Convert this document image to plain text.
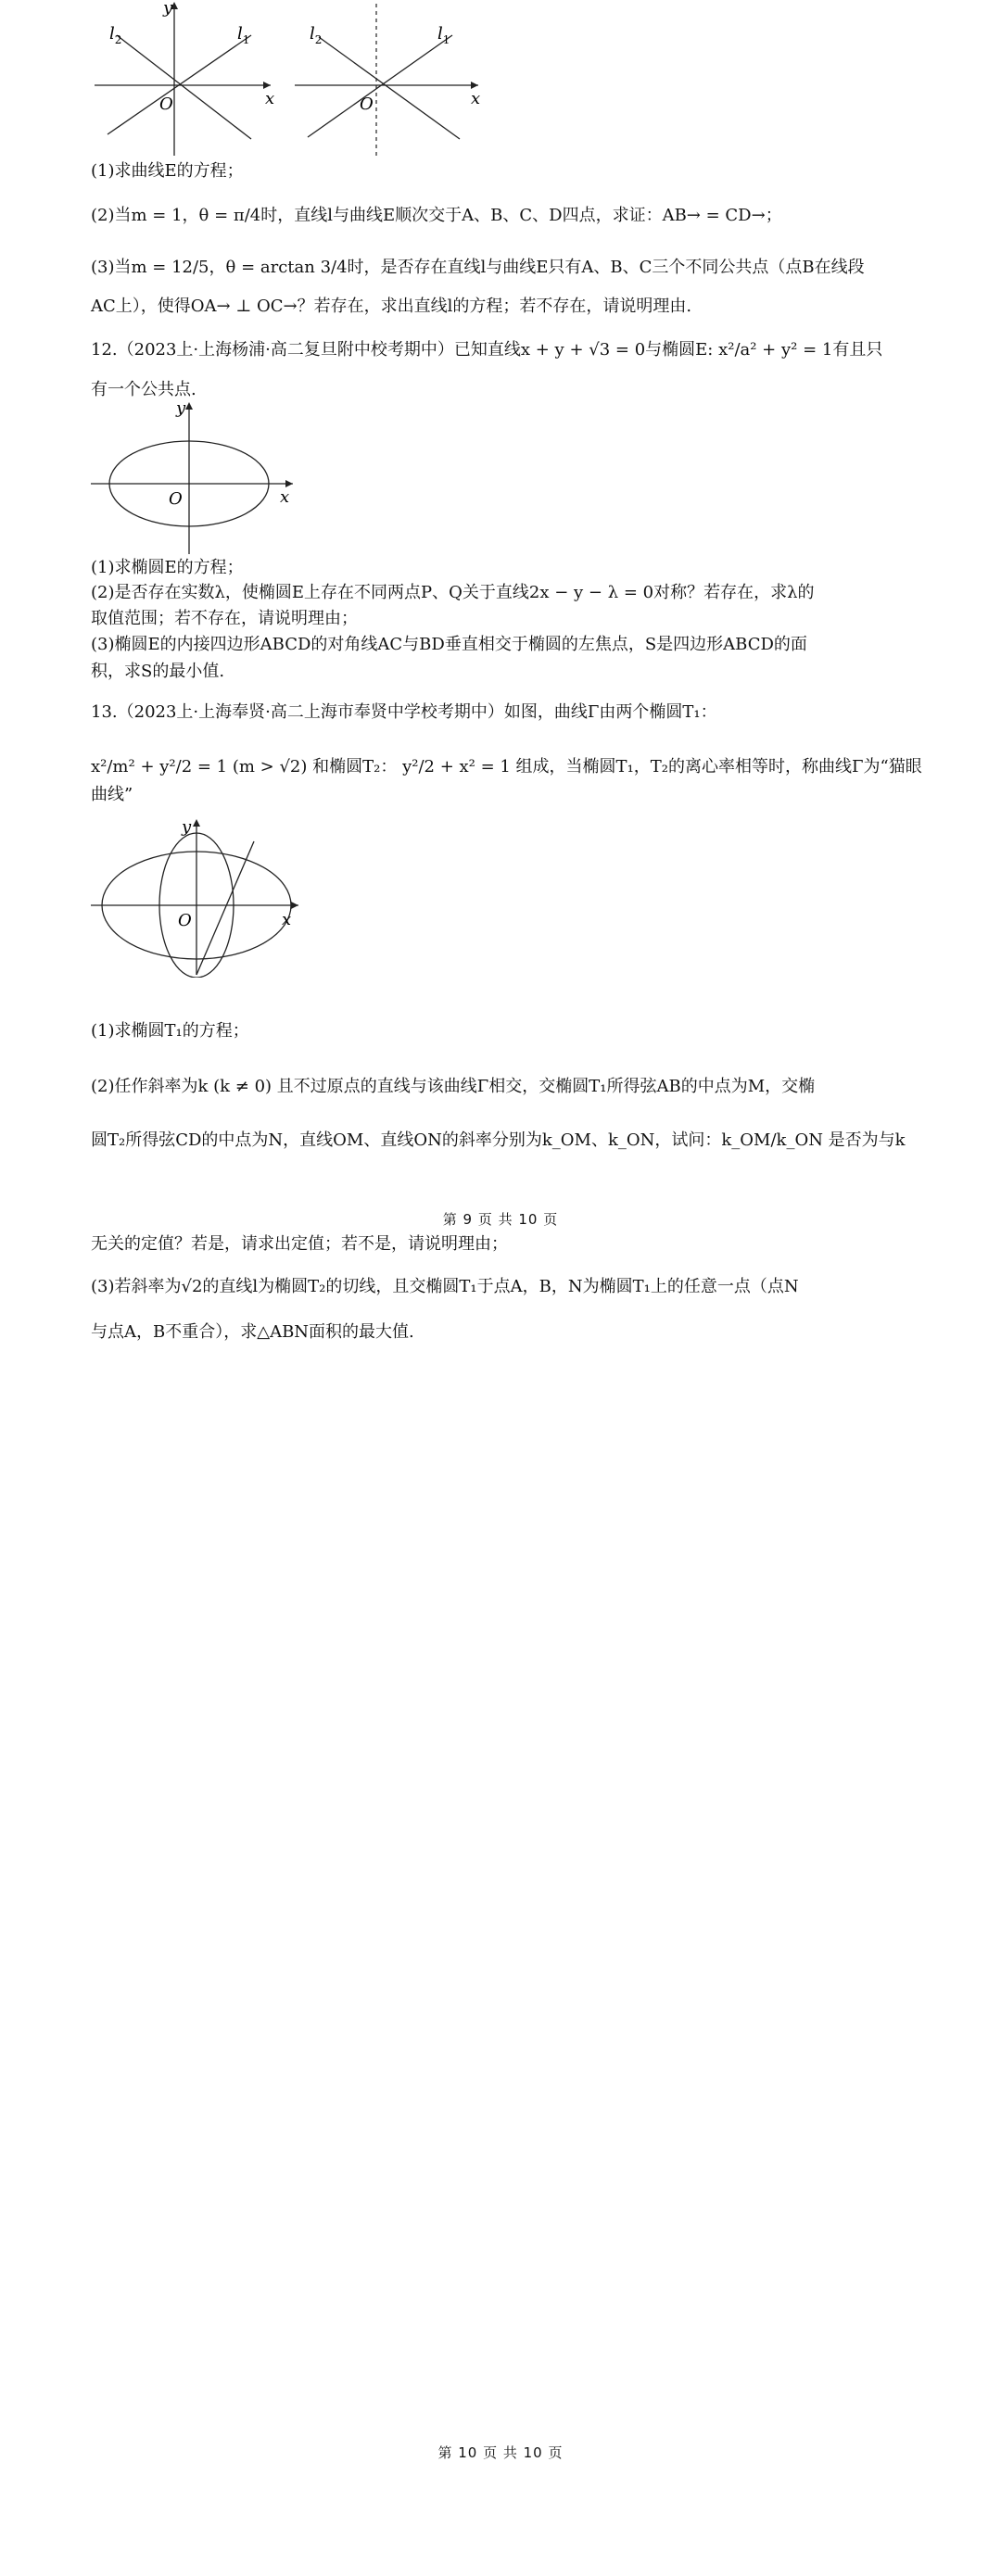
y
x
O
$l_2$	$l_1$
x
O
$l_2$	$l_1$
(1)求曲线E的方程；
(2)当m = 1，θ = π/4时，直线l与曲线E顺次交于A、B、C、D四点，求证：AB→ = CD→；
(3)当m = 12/5，θ = arctan 3/4时，是否存在直线l与曲线E只有A、B、C三个不同公共点（点B在线段
AC上），使得OA→ ⊥ OC→？若存在，求出直线l的方程；若不存在，请说明理由.
12.（2023上·上海杨浦·高二复旦附中校考期中）已知直线x + y + √3 = 0与椭圆E: x²/a² + y² = 1有且只
有一个公共点.
y
x
O
(1)求椭圆E的方程；
(2)是否存在实数λ，使椭圆E上存在不同两点P、Q关于直线2x − y − λ = 0对称？若存在，求λ的
取值范围；若不存在，请说明理由；
(3)椭圆E的内接四边形ABCD的对角线AC与BD垂直相交于椭圆的左焦点，S是四边形ABCD的面
积，求S的最小值.
13.（2023上·上海奉贤·高二上海市奉贤中学校考期中）如图，曲线Γ由两个椭圆T₁：
x²/m² + y²/2 = 1 (m > √2) 和椭圆T₂： y²/2 + x² = 1 组成，当椭圆T₁，T₂的离心率相等时，称曲线Γ为“猫眼
曲线”
y
x
O
(1)求椭圆T₁的方程；
(2)任作斜率为k (k ≠ 0) 且不过原点的直线与该曲线Γ相交，交椭圆T₁所得弦AB的中点为M，交椭
圆T₂所得弦CD的中点为N，直线OM、直线ON的斜率分别为k_OM、k_ON，试问：k_OM/k_ON 是否为与k
第 9 页 共 10 页
无关的定值？若是，请求出定值；若不是，请说明理由；
(3)若斜率为√2的直线l为椭圆T₂的切线，且交椭圆T₁于点A，B，N为椭圆T₁上的任意一点（点N
与点A，B不重合），求△ABN面积的最大值.
第 10 页 共 10 页
